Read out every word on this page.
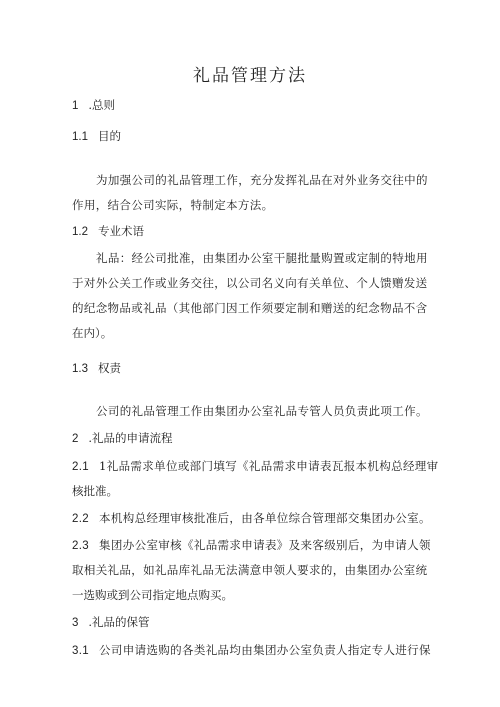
礼品管理方法
1 .总则
1.1 目的
为加强公司的礼品管理工作，充分发挥礼品在对外业务交往中的
作用，结合公司实际，特制定本方法。
1.2 专业术语
礼品：经公司批准，由集团办公室干腿批量购置或定制的特地用
于对外公关工作或业务交往，以公司名义向有关单位、个人馈赠发送
的纪念物品或礼品（其他部门因工作须要定制和赠送的纪念物品不含
在内）。
1.3 权责
公司的礼品管理工作由集团办公室礼品专管人员负责此项工作。
2 .礼品的申请流程
2.1 1礼品需求单位或部门填写《礼品需求申请表瓦报本机构总经理审
核批准。
2.2 本机构总经理审核批准后，由各单位综合管理部交集团办公室。
2.3 集团办公室审核《礼品需求申请表》及来客级别后，为申请人领
取相关礼品，如礼品库礼品无法满意申领人要求的，由集团办公室统
一选购或到公司指定地点购买。
3 .礼品的保管
3.1 公司申请选购的各类礼品均由集团办公室负责人指定专人进行保
